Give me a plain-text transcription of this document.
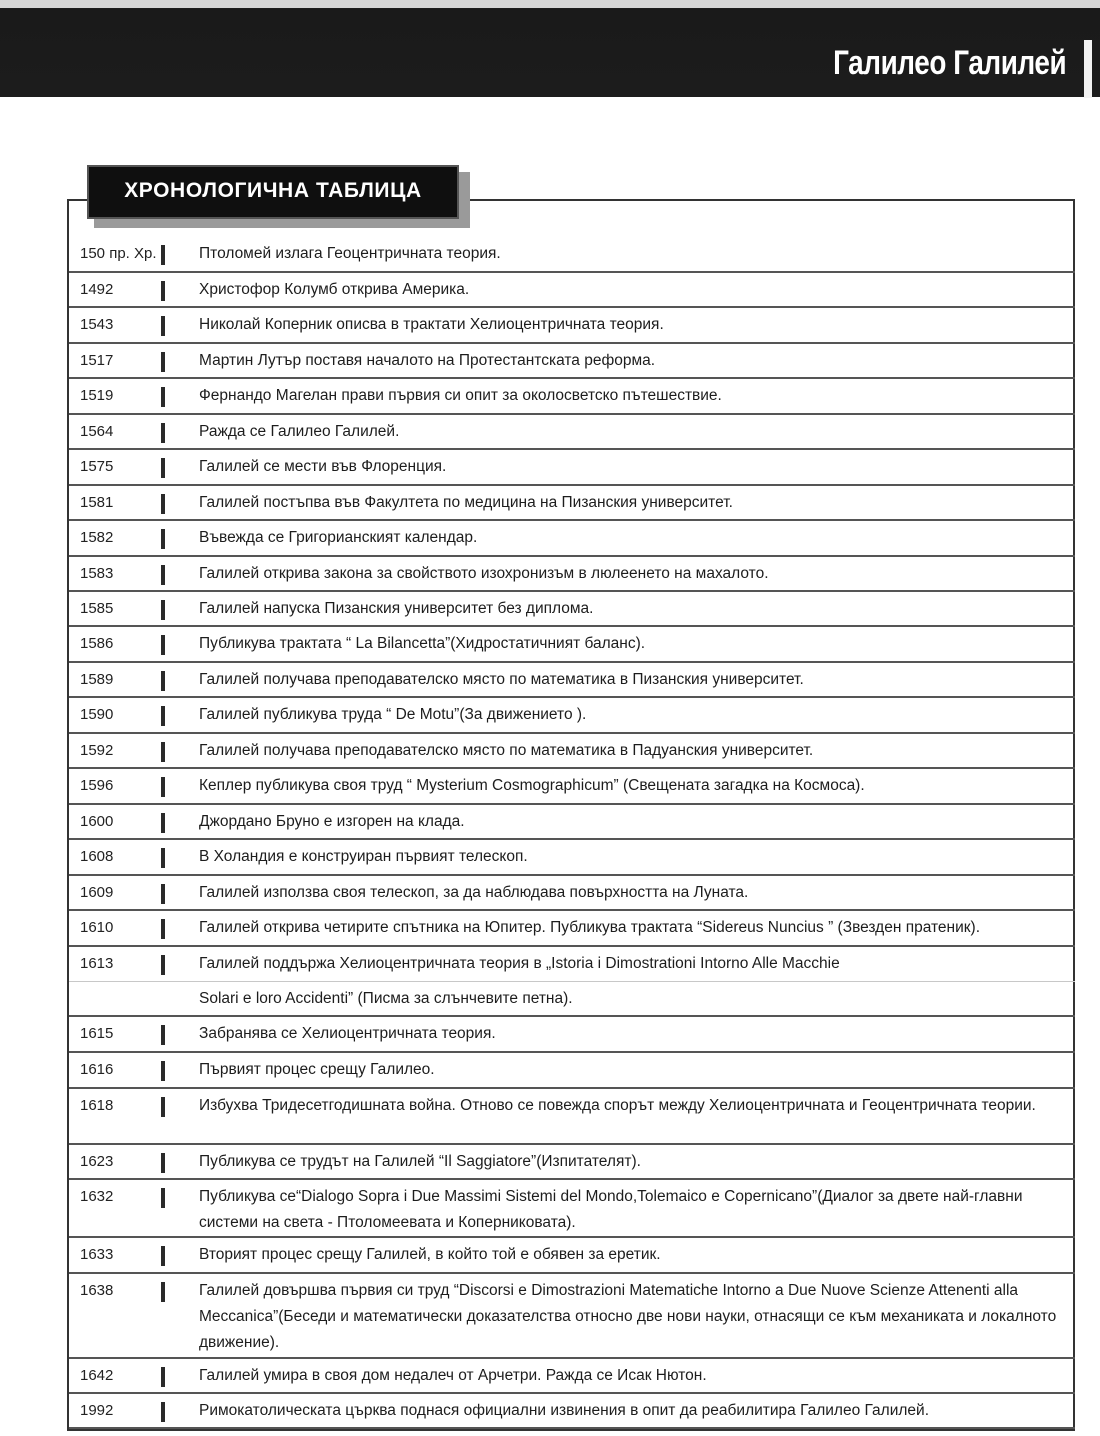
Галилео Галилей
ХРОНОЛОГИЧНА ТАБЛИЦА
150 пр. Хр.	Птоломей излага Геоцентричната теория.
1492	Христофор Колумб открива Америка.
1543	Николай Коперник описва в трактати Хелиоцентричната теория.
1517	Мартин Лутър поставя началото на Протестантската реформа.
1519	Фернандо Магелан прави първия си опит за околосветско пътешествие.
1564	Ражда се Галилео Галилей.
1575	Галилей се мести във Флоренция.
1581	Галилей постъпва във Факултета по медицина на Пизанския университет.
1582	Въвежда се Григорианският календар.
1583	Галилей открива закона за свойството изохронизъм в люлеенето на махалото.
1585	Галилей напуска Пизанския университет без диплома.
1586	Публикува трактата “ La Bilancetta”(Хидростатичният баланс).
1589	Галилей получава преподавателско място по математика в Пизанския университет.
1590	Галилей публикува труда “ De Motu”(За движението ).
1592	Галилей получава преподавателско място по математика в Падуанския университет.
1596	Кеплер публикува своя труд “ Mysterium Cosmographicum” (Свещената загадка на Космоса).
1600	Джордано Бруно е изгорен на клада.
1608	В Холандия е конструиран първият телескоп.
1609	Галилей използва своя телескоп, за да наблюдава повърхността на Луната.
1610	Галилей открива четирите спътника на Юпитер. Публикува трактата “Sidereus Nuncius ” (Звезден пратеник).
1613	Галилей поддържа Хелиоцентричната теория в „Istoria i Dimostrationi Intorno Alle Macchie
Solari e loro Accidenti” (Писма за слънчевите петна).
1615	Забранява се Хелиоцентричната теория.
1616	Първият процес срещу Галилео.
1618	Избухва Тридесетгодишната война. Отново се повежда спорът между Хелиоцентричната и Геоцентричната теории.
1623	Публикува се трудът на Галилей “Il Saggiatore”(Изпитателят).
1632	Публикува се“Dialogo Sopra i Due Massimi Sistemi del Mondo,Tolemaico e Copernicano”(Диалог за двете най-главни системи на света - Птоломеевата и Коперниковата).
1633	Вторият процес срещу Галилей, в който той е обявен за еретик.
1638	Галилей довършва първия си труд “Discorsi e Dimostrazioni Matematiche Intorno a Due Nuove Scienze Attenenti alla Meccanica”(Беседи и математически доказателства относно две нови науки, отнасящи се към механиката и локалното движение).
1642	Галилей умира в своя дом недалеч от Арчетри. Ражда се Исак Нютон.
1992	Римокатолическата църква поднася официални извинения в опит да реабилитира Галилео Галилей.
